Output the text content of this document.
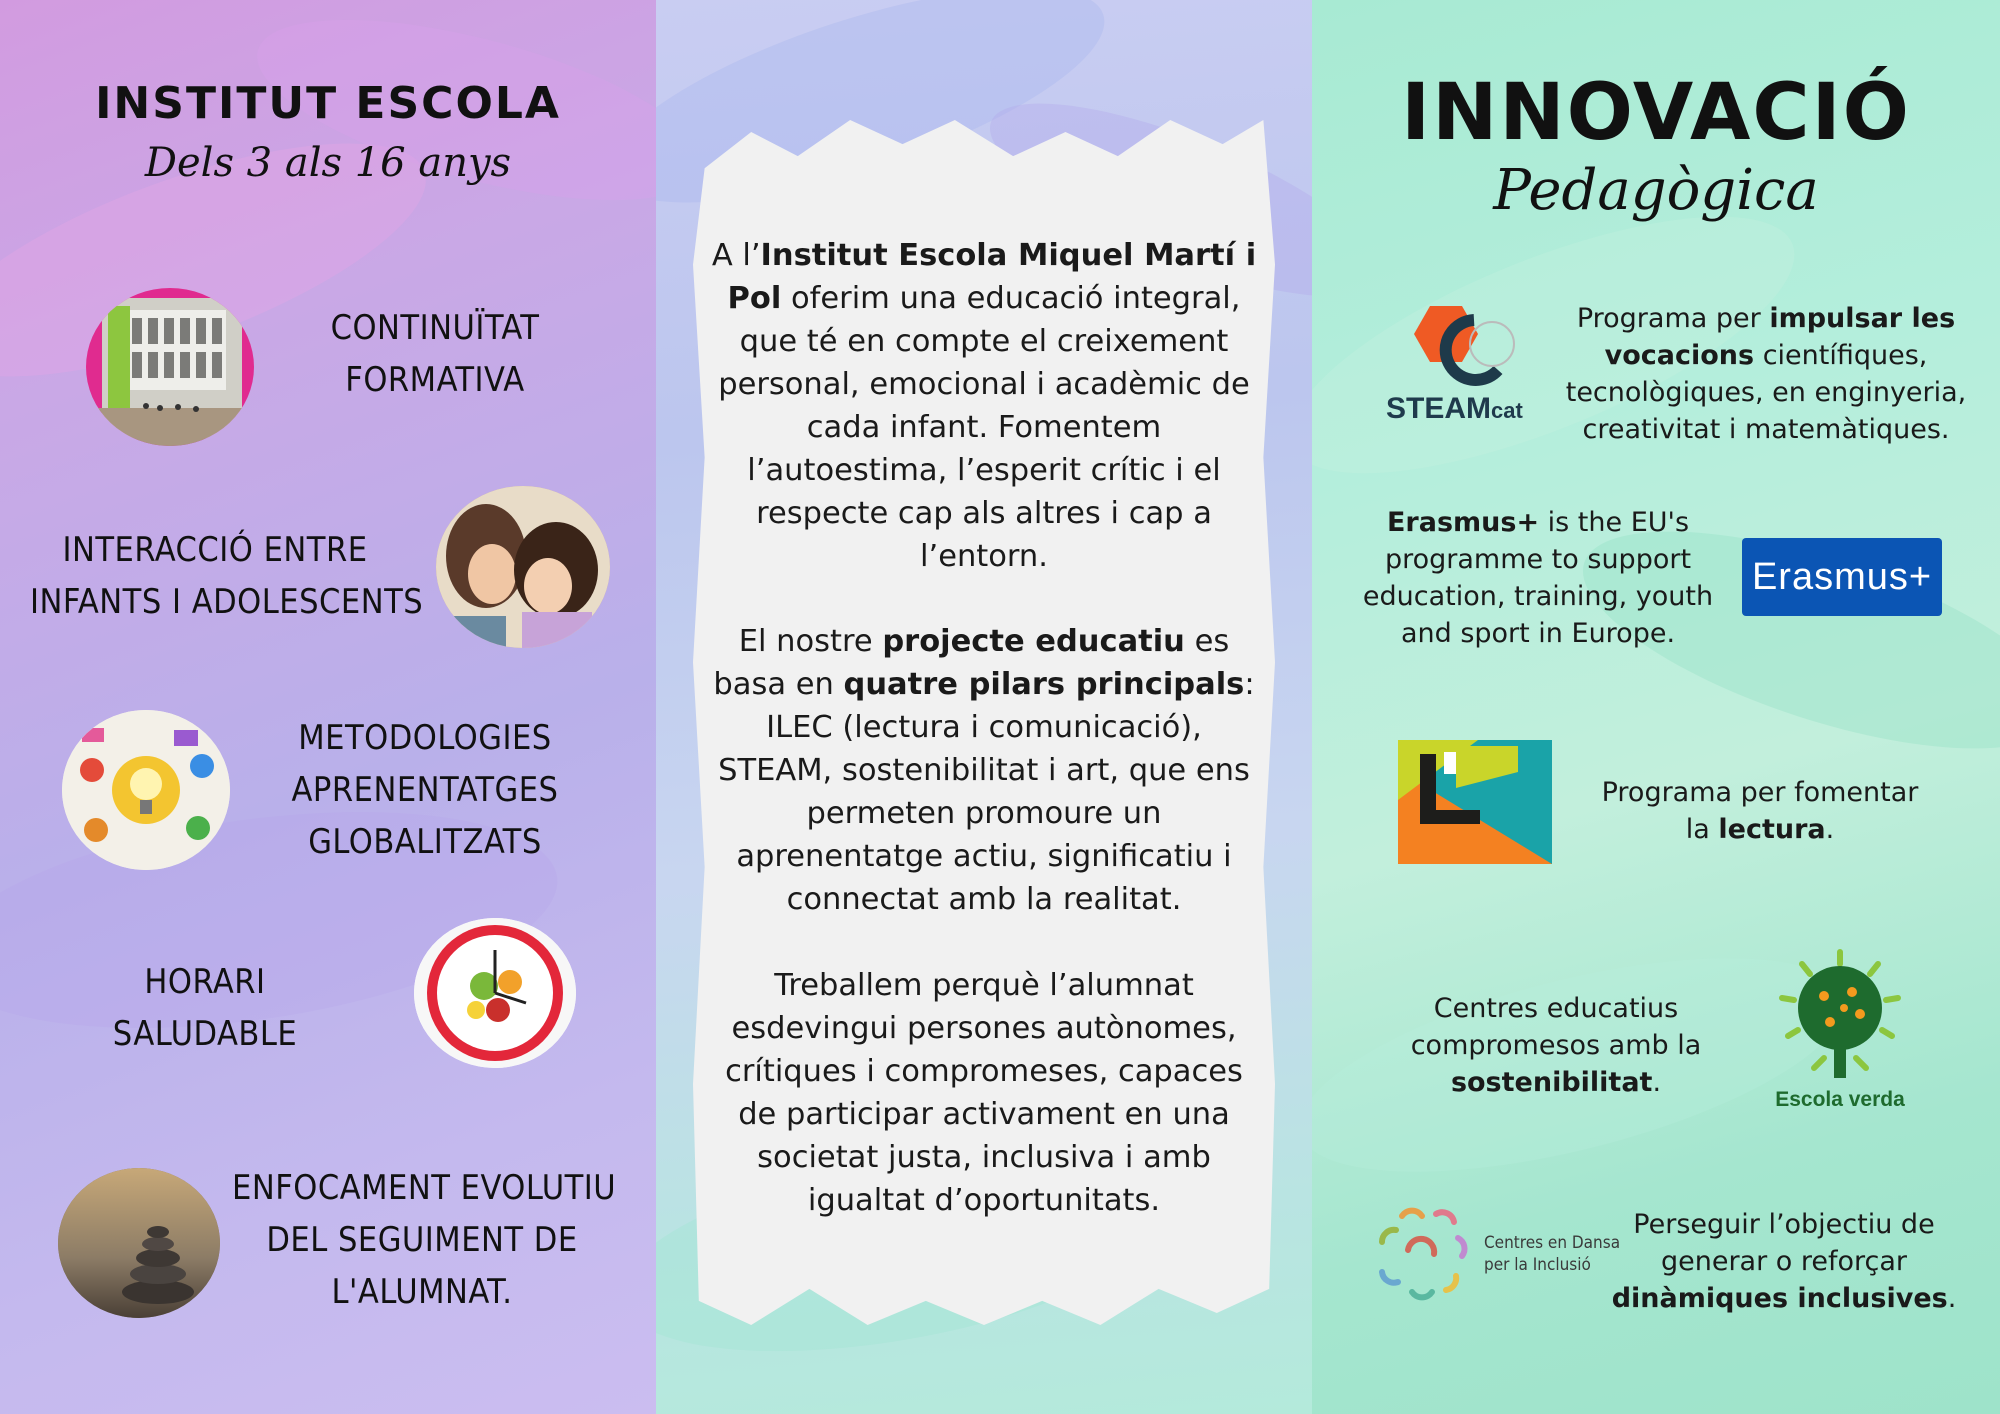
INSTITUT ESCOLA
Dels 3 als 16 anys
CONTINUÏTAT
FORMATIVA
INTERACCIÓ ENTRE
INFANTS I ADOLESCENTS
METODOLOGIES
APRENENTATGES
GLOBALITZATS
HORARI
SALUDABLE
ENFOCAMENT EVOLUTIU
DEL SEGUIMENT DE
L'ALUMNAT.

A l’Institut Escola Miquel Martí i Pol oferim una educació integral, que té en compte el creixement personal, emocional i acadèmic de cada infant. Fomentem l’autoestima, l’esperit crític i el respecte cap als altres i cap a l’entorn.

El nostre projecte educatiu es basa en quatre pilars principals: ILEC (lectura i comunicació), STEAM, sostenibilitat i art, que ens permeten promoure un aprenentatge actiu, significatiu i connectat amb la realitat.

Treballem perquè l’alumnat esdevingui persones autònomes, crítiques i compromeses, capaces de participar activament en una societat justa, inclusiva i amb igualtat d’oportunitats.

INNOVACIÓ
Pedagògica
STEAMcat
Programa per impulsar les
vocacions científiques,
tecnològiques, en enginyeria,
creativitat i matemàtiques.
Erasmus+ is the EU's
programme to support
education, training, youth
and sport in Europe.
Erasmus+
Programa per fomentar
la lectura.
Centres educatius
compromesos amb la
sostenibilitat.
Escola verda
Centres en Dansa
per la Inclusió
Perseguir l’objectiu de
generar o reforçar
dinàmiques inclusives.
